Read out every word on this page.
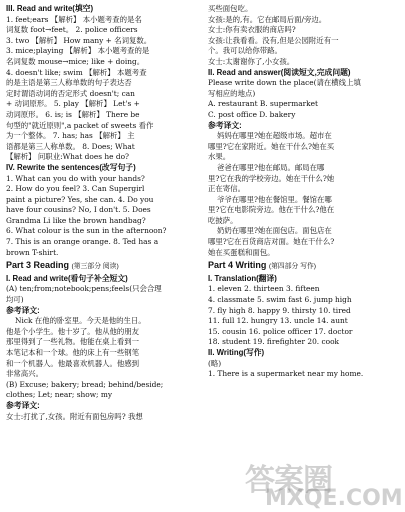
III. Read and write(填空)

1. feet;ears 【解析】 本小题考查的是名

词复数 foot→feet。 2. police officers

3. two 【解析】 How many + 名词复数。

3. mice;playing 【解析】 本小题考查的是

名词复数 mouse→mice; like + doing。

4. doesn't like; swim 【解析】 本题考查

的是主语是第三人称单数的句子表达否

定时谓语动词的否定形式 doesn't; can

+ 动词原形。 5. play 【解析】 Let's +

动词原形。 6. is; is 【解析】 There be

句型的"就近原则",a packet of sweets 看作

为一个整体。 7. has; has 【解析】 主

语都是第三人称单数。 8. Does; What

【解析】 问职业:What does he do?

IV. Rewrite the sentences(改写句子)

1. What can you do with your hands?

2. How do you feel? 3. Can Supergirl

paint a picture? Yes, she can. 4. Do you

have four cousins? No, I don't. 5. Does

Grandma Li like the brown handbag?

6. What colour is the sun in the afternoon?

7. This is an orange orange. 8. Ted has a

brown T-shirt.

Part 3 Reading (第三部分 阅读)
I. Read and write(看句子补全短文)

(A) ten;from;notebook;pens;feels(只会合理

均可)

参考译文:

Nick 在他的卧室里。今天是他的生日。

他是个小学生。他十岁了。他从他的朋友

那里得到了一些礼物。他能在桌上看到一

本笔记本和一个球。他的床上有一些钢笔

和一个机器人。他最喜欢机器人。他感到

非常高兴。

(B) Excuse; bakery; bread; behind/beside;

clothes; Let; near; show; my

参考译文:

女士:打扰了,女孩。附近有面包房吗? 我想

买些面包吃。

女孩:是的,有。它在邮局后面/旁边。

女士:你有卖衣服的商店吗?

女孩:让我看看。没有,但是公园附近有一

个。我可以给你带路。

女士:太谢谢你了,小女孩。

II. Read and answer(阅读短文,完成问题)

Please write down the place(请在横线上填

写相应的地点)

A. restaurant B. supermarket

C. post office D. bakery

参考译文:

妈妈在哪里?她在超级市场。超市在

哪里?它在家附近。她在干什么?她在买

水果。

爸爸在哪里?他在邮局。邮局在哪

里?它在我的学校旁边。她在干什么?她

正在寄信。

爷爷在哪里?他在餐馆里。餐馆在哪

里?它在电影院旁边。他在干什么?他在

吃披萨。

奶奶在哪里?她在面包店。面包店在

哪里?它在百货商店对面。她在干什么?

她在买蛋糕和面包。

Part 4 Writing (第四部分 写作)
I. Translation(翻译)

1. eleven 2. thirteen 3. fifteen

4. classmate 5. swim fast 6. jump high

7. fly high 8. happy 9. thirsty 10. tired

11. full 12. hungry 13. uncle 14. aunt

15. cousin 16. police officer 17. doctor

18. student 19. firefighter 20. cook

II. Writing(写作)

(略)

1. There is a supermarket near my home.

答案圈
MXQE.COM
